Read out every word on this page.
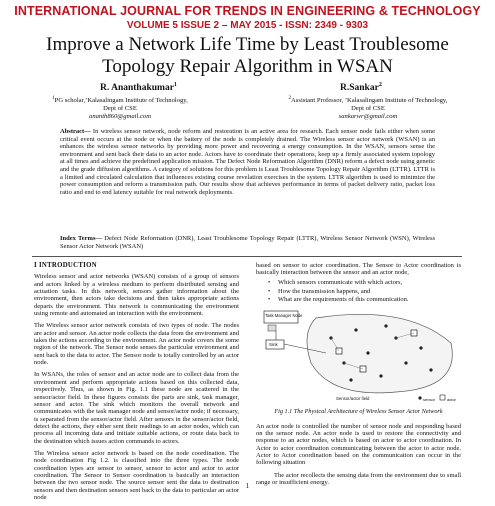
INTERNATIONAL JOURNAL FOR TRENDS IN ENGINEERING & TECHNOLOGY
VOLUME 5 ISSUE 2 – MAY 2015 - ISSN: 2349 - 9303
Improve a Network Life Time by Least Troublesome Topology Repair Algorithm in WSAN
R. Ananthakumar$^1$	R.Sankar$^2$
$^1$PG scholar,’Kalasalingam Institute of Technology,
Dept of CSE
ananth860@gmail.com
$^2$Assistant Professor, ’Kalasalingam Institute of Technology,
Dept of CSE
sankarwr@gmail.com
Abstract— In wireless sensor network, node reform and restoration is an active area for research. Each sensor node fails either when some critical event occurs at the node or when the battery of the node is completely drained. The Wireless sensor actor network (WSAN) is an enhances the wireless sensor networks by providing more power and recovering a energy consumption. In the WSAN, sensors sense the environment and sent back their data to an actor node. Actors have to coordinate their operations, keep up a firmly associated system topology at all times and achieve the predefined application mission. The Defect Node Reformation Algorithm (DNR) reform a defect node using genetic and the grade diffusion algorithms. A category of solutions for this problem is Least Troublesome Topology Repair Algorithm (LTTR). LTTR is a limited and circulated calculation that influences existing course revelation exercises in the system. LTTR algorithm is used to minimize the power consumption and reform a transmission path. Our results show that achieves performance in terms of packet delivery ratio, packet loss ratio and end to end latency suitable for real network deployments.
Index Terms— Defect Node Reformation (DNR), Least Troublesome Topology Repair (LTTR), Wireless Sensor Network (WSN), Wireless Sensor Actor Network (WSAN)
I INTRODUCTION

Wireless sensor and actor networks (WSAN) consists of a group of sensors and actors linked by a wireless medium to perform distributed sensing and actuation tasks. In this network, sensors gather information about the environment, then actors take decisions and then takes appropriate actions departs the environment. This network is communicating the environment using remote and automated an interaction with the environment.

The Wireless sensor actor network consists of two types of node. The nodes are actor and sensor. An actor node collects the data from the environment and takes the actions according to the environment. An actor node covers the some region of the network. The Sensor node senses the particular environment and sent back to the data to actor. The Sensor node is totally controlled by an actor node.

In WSANs, the roles of sensor and an actor node are to collect data from the environment and perform appropriate actions based on this collected data, respectively. Thus, as shown in Fig. 1.1 these node are scattered in the sensor/actor field. In these figures consists the parts are sink, task manager, sensor and actor. The sink which monitors the overall network and communicates with the task manager node and sensor/actor node; if necessary, is separated from the sensor/actor field. After sensors in the sensor/actor field, detect the actions, they either sent their readings to an actor nodes, which can process all incoming data and initiate suitable actions, or route data back to the destination which issues action commands to actors.

The Wireless sensor actor network is based on the node coordination. The node coordination Fig 1.2. is classified into the three types. The node coordination types are sensor to sensor, sensor to actor and actor to actor coordination. The Sensor to Sensor coordination is basically an interaction between the two sensor node. The source sensor sent the data to destination sensors and then destination sensors sent back to the data to particular an actor node

based on sensor to actor coordination. The Sensor to Actor coordination is basically interaction between the sensor and an actor node,

• Which sensors communicate with which actors,
• How the transmission happens, and
• What are the requirements of this communication.
Task Manager Node
Sink
Sensor/actor field	sensor	actor
Fig 1.1 The Physical Architecture of Wireless Sensor Actor Network

An actor node is controlled the number of sensor node and responding based on the sensor node. An actor node is used to restore the connectivity and response to an actor nodes, which is based on actor to actor coordination. In Actor to actor coordination communicating between the actor to actor node. Actor to Actor coordination based on the communication can occur in the following situation

The actor recollects the sensing data from the environment due to small range or insufficient energy.

1
